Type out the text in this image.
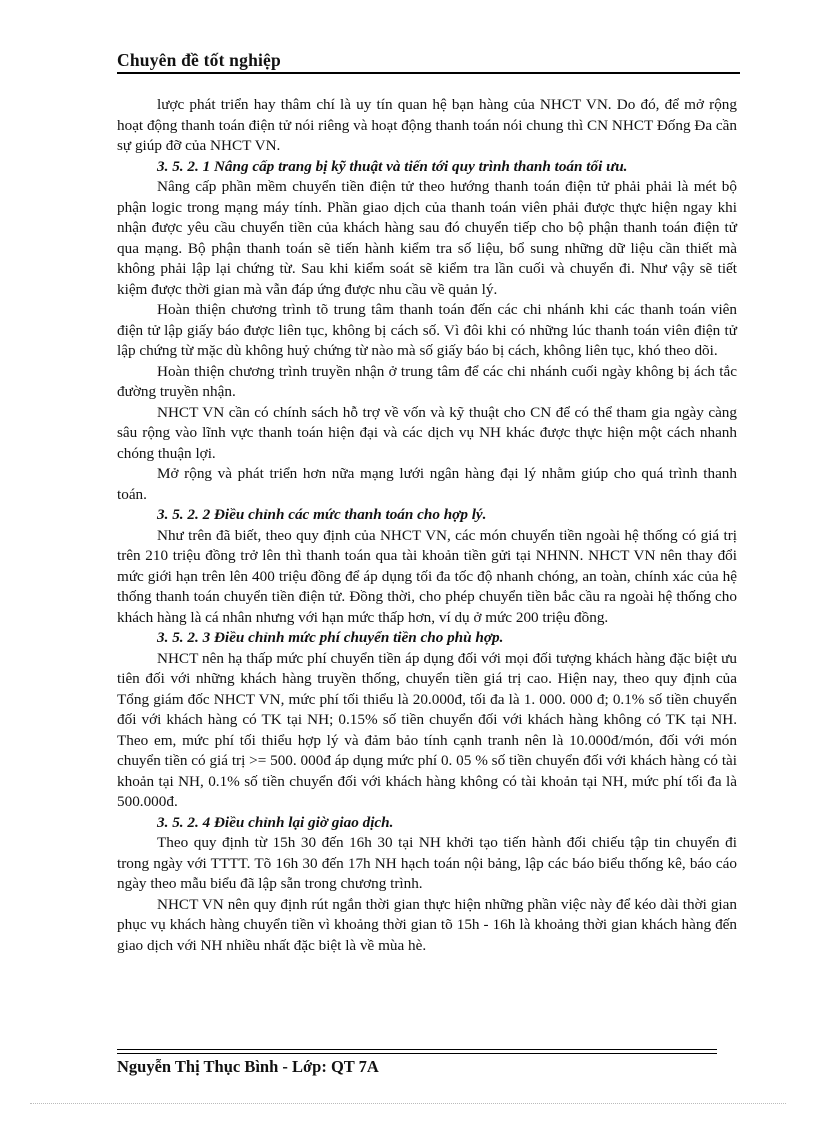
Chuyên đề tốt nghiệp

lược phát triển hay thâm chí là uy tín quan hệ bạn hàng của NHCT VN. Do đó, để mở rộng hoạt động thanh toán điện tử nói riêng và hoạt động thanh toán nói chung thì CN NHCT Đống Đa cần sự giúp đỡ của NHCT VN.

3. 5. 2. 1 Nâng cấp trang bị kỹ thuật và tiến tới quy trình thanh toán tối ưu.

Nâng cấp phần mềm chuyển tiền điện tử theo hướng thanh toán điện tử phải phải là mét bộ phận logic trong mạng máy tính. Phần giao dịch của thanh toán viên phải được thực hiện ngay khi nhận được yêu cầu chuyển tiền của khách hàng sau đó chuyển tiếp cho bộ phận thanh toán điện tử qua mạng. Bộ phận thanh toán sẽ tiến hành kiểm tra số liệu, bổ sung những dữ liệu cần thiết mà không phải lập lại chứng từ. Sau khi kiểm soát sẽ kiểm tra lần cuối và chuyển đi. Như vậy sẽ tiết kiệm được thời gian mà vẫn đáp ứng được nhu cầu về quản lý.

Hoàn thiện chương trình tõ trung tâm thanh toán đến các chi nhánh khi các thanh toán viên điện tử lập giấy báo được liên tục, không bị cách số. Vì đôi khi có những lúc thanh toán viên điện tử lập chứng từ mặc dù không huỷ chứng từ nào mà số giấy báo bị cách, không liên tục, khó theo dõi.

Hoàn thiện chương trình truyền nhận ở trung tâm để các chi nhánh cuối ngày không bị ách tắc đường truyền nhận.

NHCT VN cần có chính sách hỗ trợ về vốn và kỹ thuật cho CN để có thể tham gia ngày càng sâu rộng vào lĩnh vực thanh toán hiện đại và các dịch vụ NH khác được thực hiện một cách nhanh chóng thuận lợi.

Mở rộng và phát triển hơn nữa mạng lưới ngân hàng đại lý nhằm giúp cho quá trình thanh toán.

3. 5. 2. 2 Điều chỉnh các mức thanh toán cho hợp lý.

Như trên đã biết, theo quy định của NHCT VN, các món chuyển tiền ngoài hệ thống có giá trị trên 210 triệu đồng trở lên thì thanh toán qua tài khoản tiền gửi tại NHNN. NHCT VN nên thay đổi mức giới hạn trên lên 400 triệu đồng để áp dụng tối đa tốc độ nhanh chóng, an toàn, chính xác của hệ thống thanh toán chuyển tiền điện tử. Đồng thời, cho phép chuyển tiền bắc cầu ra ngoài hệ thống cho khách hàng là cá nhân nhưng với hạn mức thấp hơn, ví dụ ở mức 200 triệu đồng.

3. 5. 2. 3 Điều chỉnh mức phí chuyển tiền cho phù hợp.

NHCT nên hạ thấp mức phí chuyển tiền áp dụng đối với mọi đối tượng khách hàng đặc biệt ưu tiên đối với những khách hàng truyền thống, chuyển tiền giá trị cao. Hiện nay, theo quy định của Tổng giám đốc NHCT VN, mức phí tối thiểu là 20.000đ, tối đa là 1. 000. 000 đ; 0.1% số tiền chuyển đối với khách hàng có TK tại NH; 0.15% số tiền chuyển đối với khách hàng không có TK tại NH. Theo em, mức phí tối thiểu hợp lý và đảm bảo tính cạnh tranh nên là 10.000đ/món, đối với món chuyển tiền có giá trị >= 500. 000đ áp dụng mức phí 0. 05 % số tiền chuyển đối với khách hàng có tài khoản tại NH, 0.1% số tiền chuyển đối với khách hàng không có tài khoản tại NH, mức phí tối đa là 500.000đ.

3. 5. 2. 4 Điều chỉnh lại giờ giao dịch.

Theo quy định từ 15h 30 đến 16h 30 tại NH khởi tạo tiến hành đối chiếu tập tin chuyển đi trong ngày với TTTT. Tõ 16h 30 đến 17h NH hạch toán nội bảng, lập các báo biểu thống kê, báo cáo ngày theo mẫu biểu đã lập sẵn trong chương trình.

NHCT VN nên quy định rút ngắn thời gian thực hiện những phần việc này để kéo dài thời gian phục vụ khách hàng chuyển tiền vì khoảng thời gian tõ 15h - 16h là khoảng thời gian khách hàng đến giao dịch với NH nhiều nhất đặc biệt là về mùa hè.

Nguyễn Thị Thục Bình - Lớp: QT 7A
